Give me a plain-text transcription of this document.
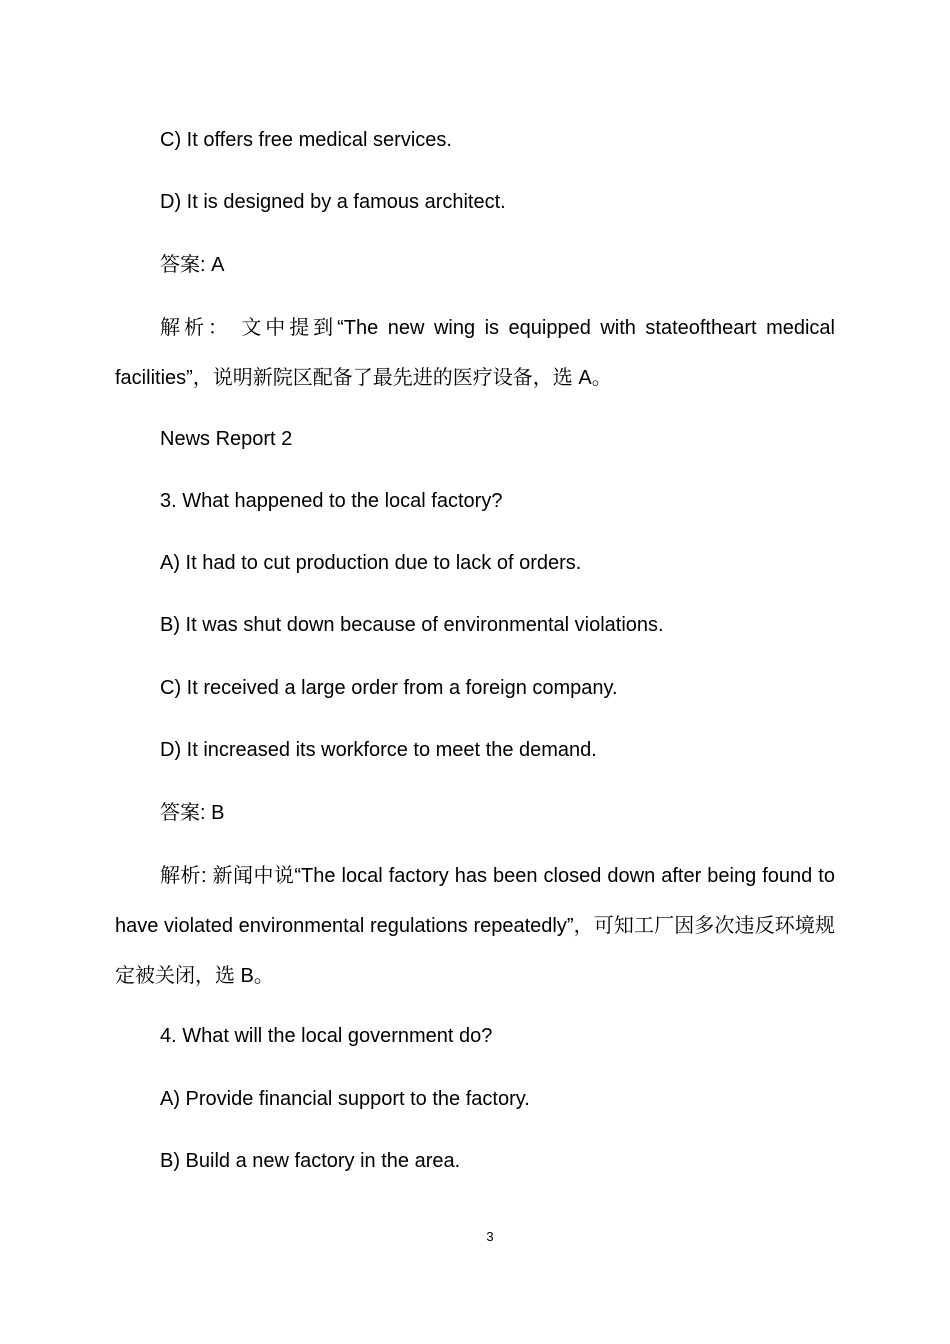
C) It offers free medical services.
D) It is designed by a famous architect.
答案: A
解析： 文中提到“The new wing is equipped with stateoftheart medical facilities”，说明新院区配备了最先进的医疗设备，选 A。
News Report 2
3. What happened to the local factory?
A) It had to cut production due to lack of orders.
B) It was shut down because of environmental violations.
C) It received a large order from a foreign company.
D) It increased its workforce to meet the demand.
答案: B
解析: 新闻中说“The local factory has been closed down after being found to have violated environmental regulations repeatedly”，可知工厂因多次违反环境规定被关闭，选 B。
4. What will the local government do?
A) Provide financial support to the factory.
B) Build a new factory in the area.
3
